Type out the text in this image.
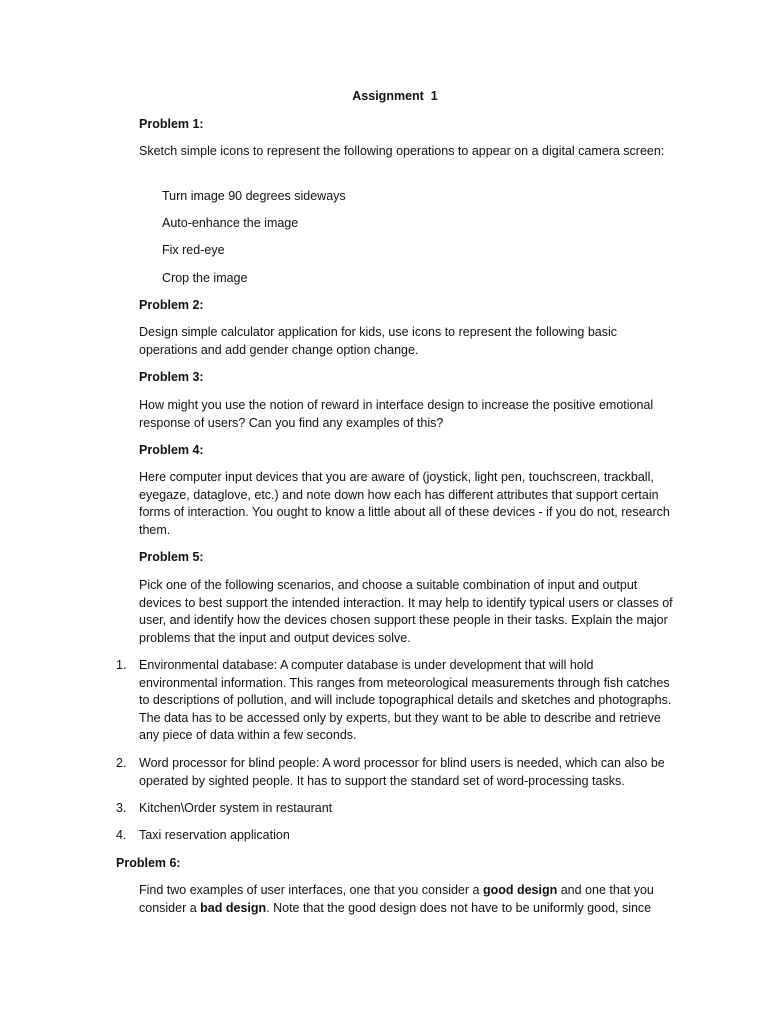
Assignment  1

Problem 1:

Sketch simple icons to represent the following operations to appear on a digital camera screen:

Turn image 90 degrees sideways

Auto-enhance the image

Fix red-eye

Crop the image

Problem 2:

Design simple calculator application for kids, use icons to represent the following basic operations and add gender change option change.

Problem 3:

How might you use the notion of reward in interface design to increase the positive emotional response of users? Can you find any examples of this?

Problem 4:

Here computer input devices that you are aware of (joystick, light pen, touchscreen, trackball, eyegaze, dataglove, etc.) and note down how each has different attributes that support certain forms of interaction. You ought to know a little about all of these devices - if you do not, research them.

Problem 5:

Pick one of the following scenarios, and choose a suitable combination of input and output devices to best support the intended interaction. It may help to identify typical users or classes of user, and identify how the devices chosen support these people in their tasks. Explain the major problems that the input and output devices solve.

1. Environmental database: A computer database is under development that will hold environmental information. This ranges from meteorological measurements through fish catches to descriptions of pollution, and will include topographical details and sketches and photographs. The data has to be accessed only by experts, but they want to be able to describe and retrieve any piece of data within a few seconds.

2. Word processor for blind people: A word processor for blind users is needed, which can also be operated by sighted people. It has to support the standard set of word-processing tasks.

3. Kitchen\Order system in restaurant

4. Taxi reservation application

Problem 6:

Find two examples of user interfaces, one that you consider a good design and one that you consider a bad design. Note that the good design does not have to be uniformly good, since
